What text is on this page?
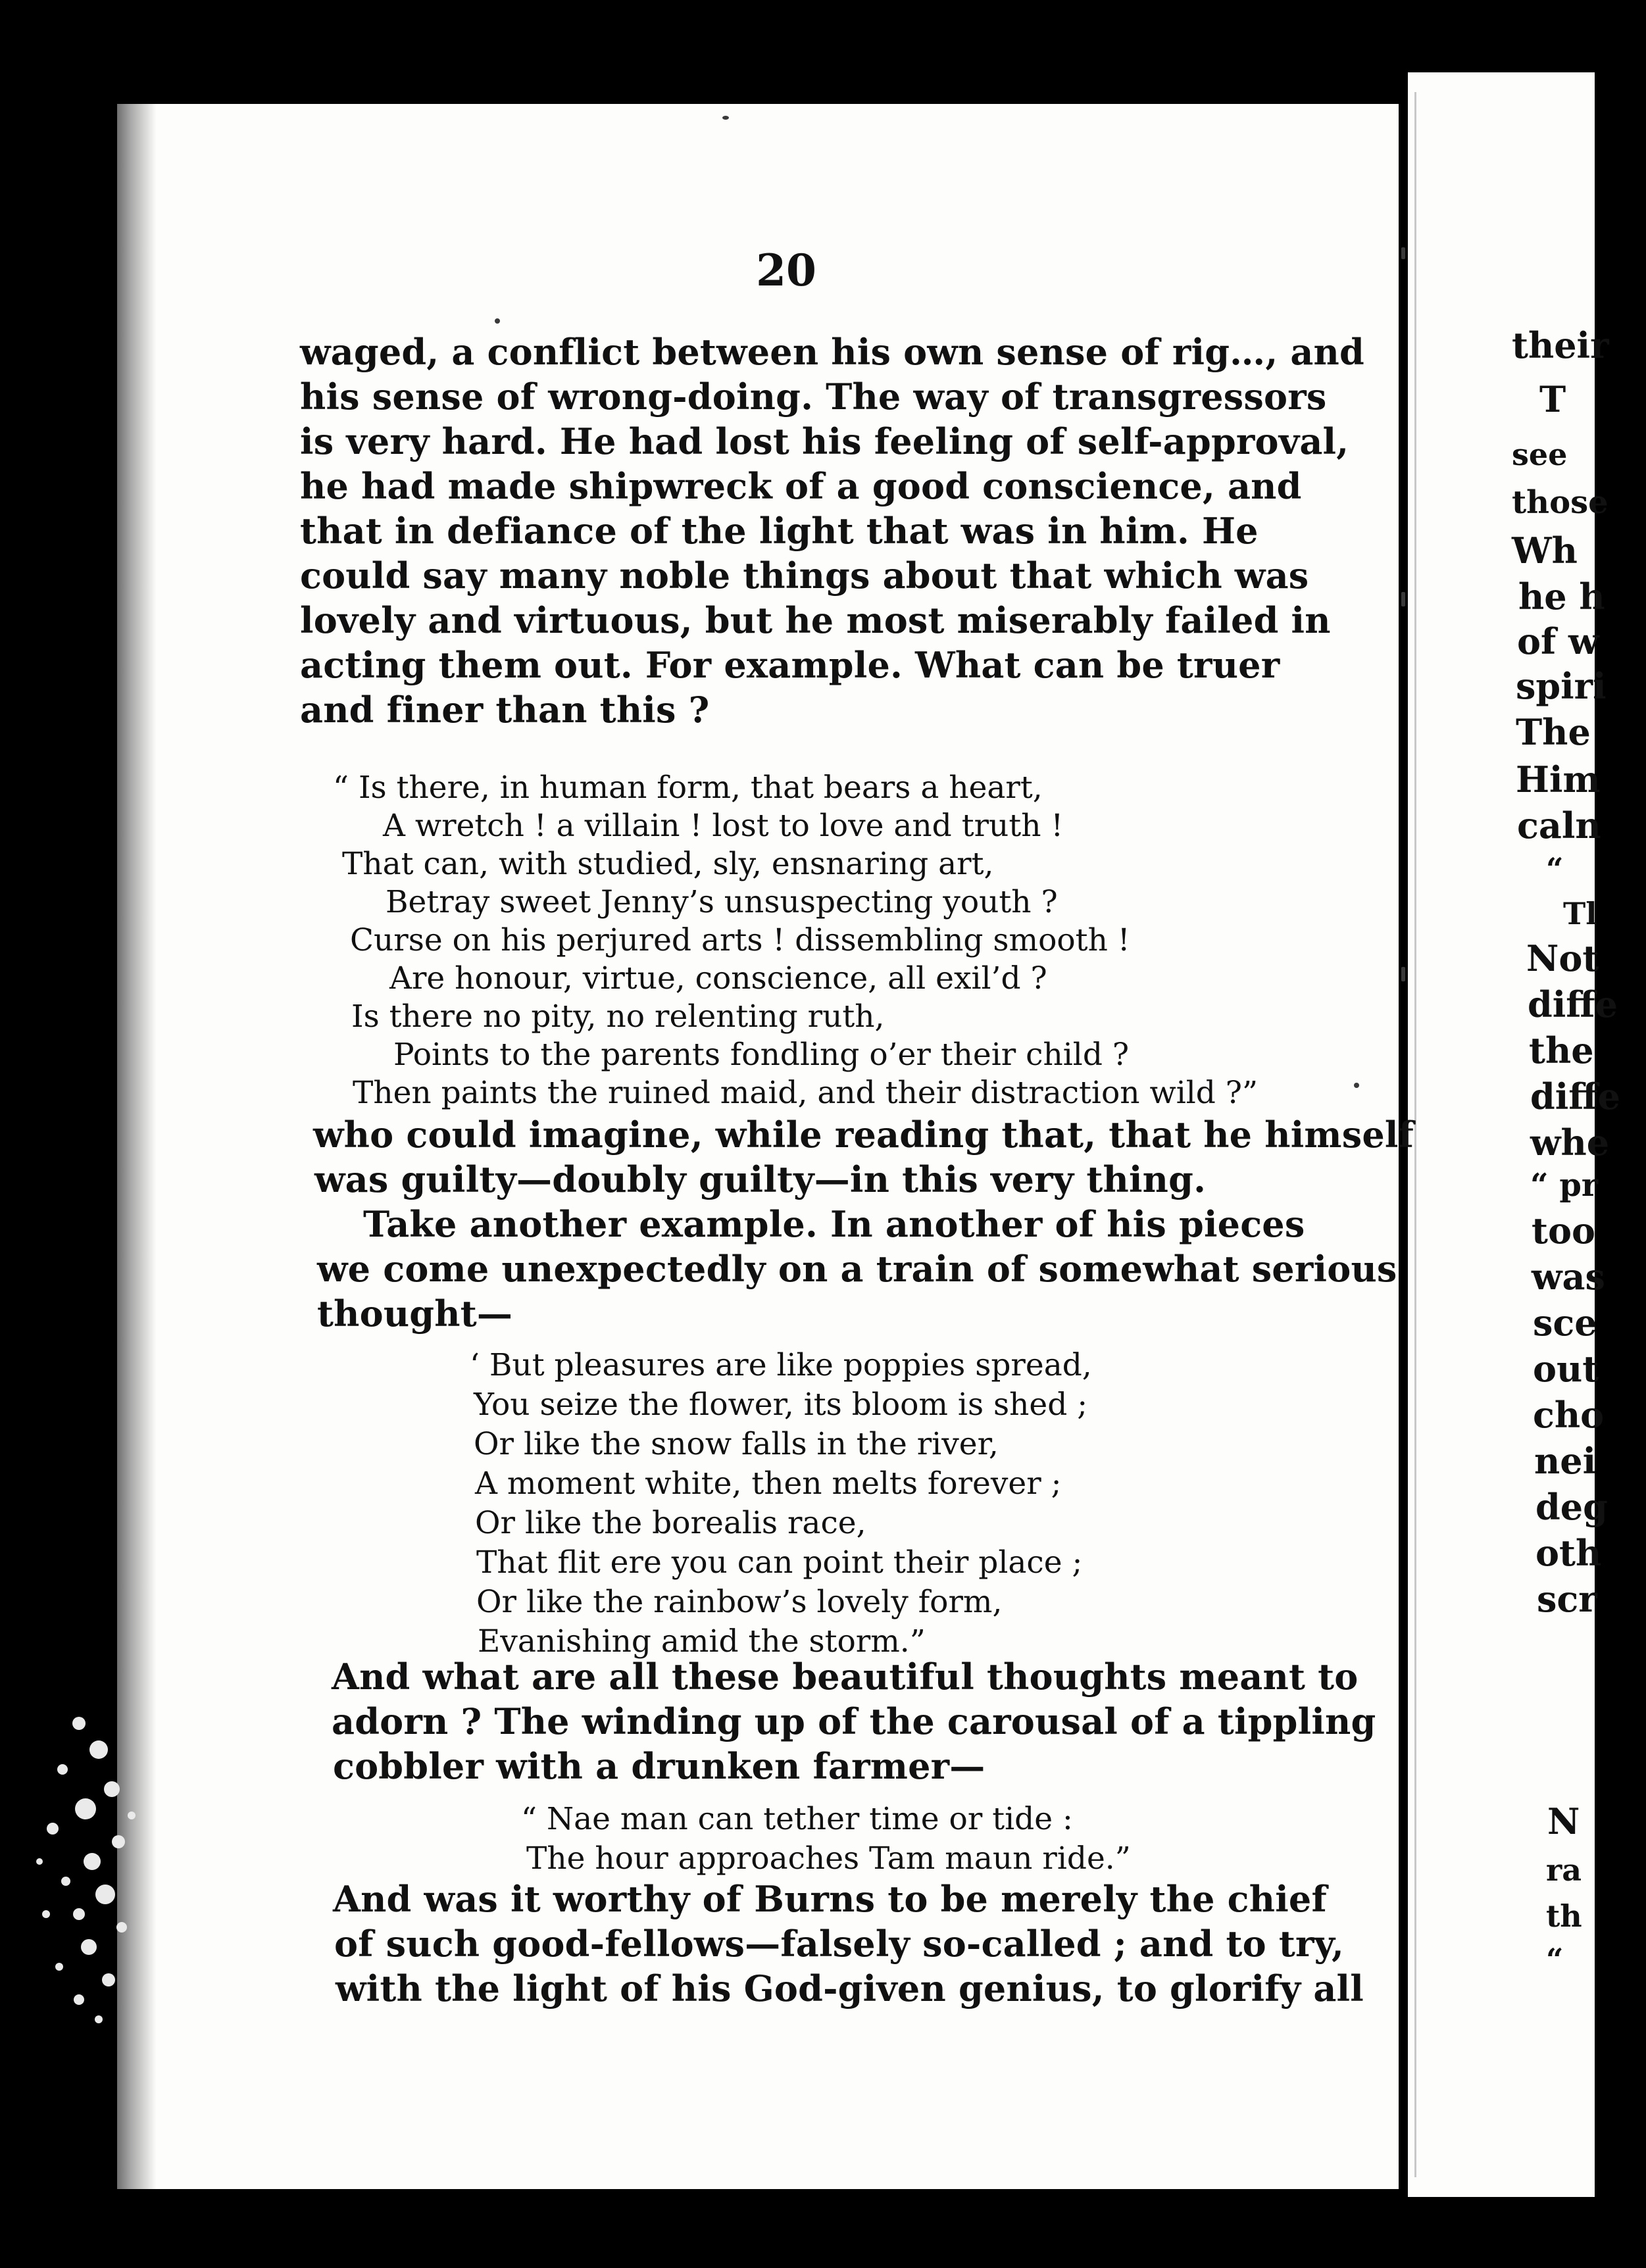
20
waged, a conflict between his own sense of rig…, and
his sense of wrong-doing. The way of transgressors
is very hard. He had lost his feeling of self-approval,
he had made shipwreck of a good conscience, and
that in defiance of the light that was in him. He
could say many noble things about that which was
lovely and virtuous, but he most miserably failed in
acting them out. For example. What can be truer
and finer than this ?
“ Is there, in human form, that bears a heart,
A wretch ! a villain ! lost to love and truth !
That can, with studied, sly, ensnaring art,
Betray sweet Jenny’s unsuspecting youth ?
Curse on his perjured arts ! dissembling smooth !
Are honour, virtue, conscience, all exil’d ?
Is there no pity, no relenting ruth,
Points to the parents fondling o’er their child ?
Then paints the ruined maid, and their distraction wild ?”
who could imagine, while reading that, that he himself
was guilty—doubly guilty—in this very thing.
Take another example. In another of his pieces
we come unexpectedly on a train of somewhat serious
thought—
‘ But pleasures are like poppies spread,
You seize the flower, its bloom is shed ;
Or like the snow falls in the river,
A moment white, then melts forever ;
Or like the borealis race,
That flit ere you can point their place ;
Or like the rainbow’s lovely form,
Evanishing amid the storm.”
And what are all these beautiful thoughts meant to
adorn ? The winding up of the carousal of a tippling
cobbler with a drunken farmer—
“ Nae man can tether time or tide :
The hour approaches Tam maun ride.”
And was it worthy of Burns to be merely the chief
of such good-fellows—falsely so-called ; and to try,
with the light of his God-given genius, to glorify all
their
T
see
those
Wh
he h
of w
spiri
The
Him
caln
“
Tl
Not
diffe
the
diffe
whe
“ pr
too
was
sce
out
cho
nei
deg
oth
scr
N
ra
th
“
